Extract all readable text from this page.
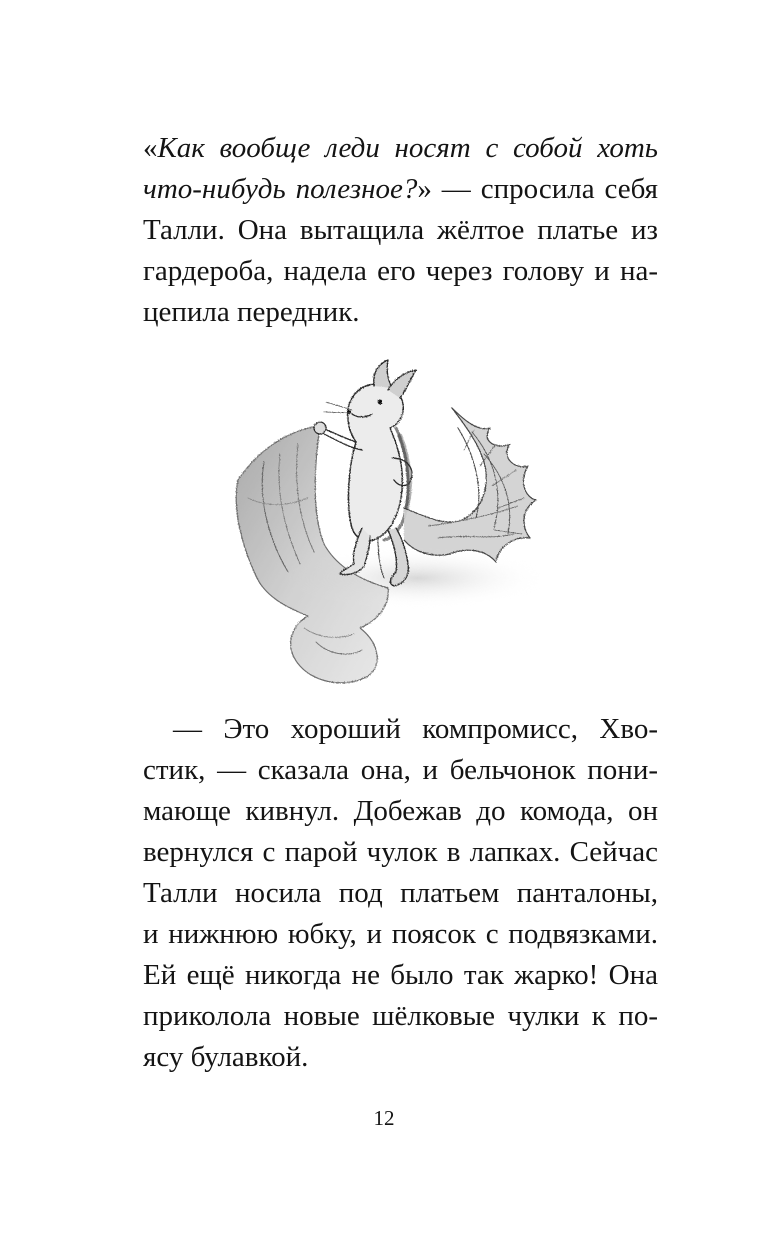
«Как вообще леди носят с собой хоть
что-нибудь полезное?» — спросила себя
Талли. Она вытащила жёлтое платье из
гардероба, надела его через голову и на-
цепила передник.
— Это хороший компромисс, Хво-
стик, — сказала она, и бельчонок пони-
мающе кивнул. Добежав до комода, он
вернулся с парой чулок в лапках. Сейчас
Талли носила под платьем панталоны,
и нижнюю юбку, и поясок с подвязками.
Ей ещё никогда не было так жарко! Она
приколола новые шёлковые чулки к по-
ясу булавкой.
12
